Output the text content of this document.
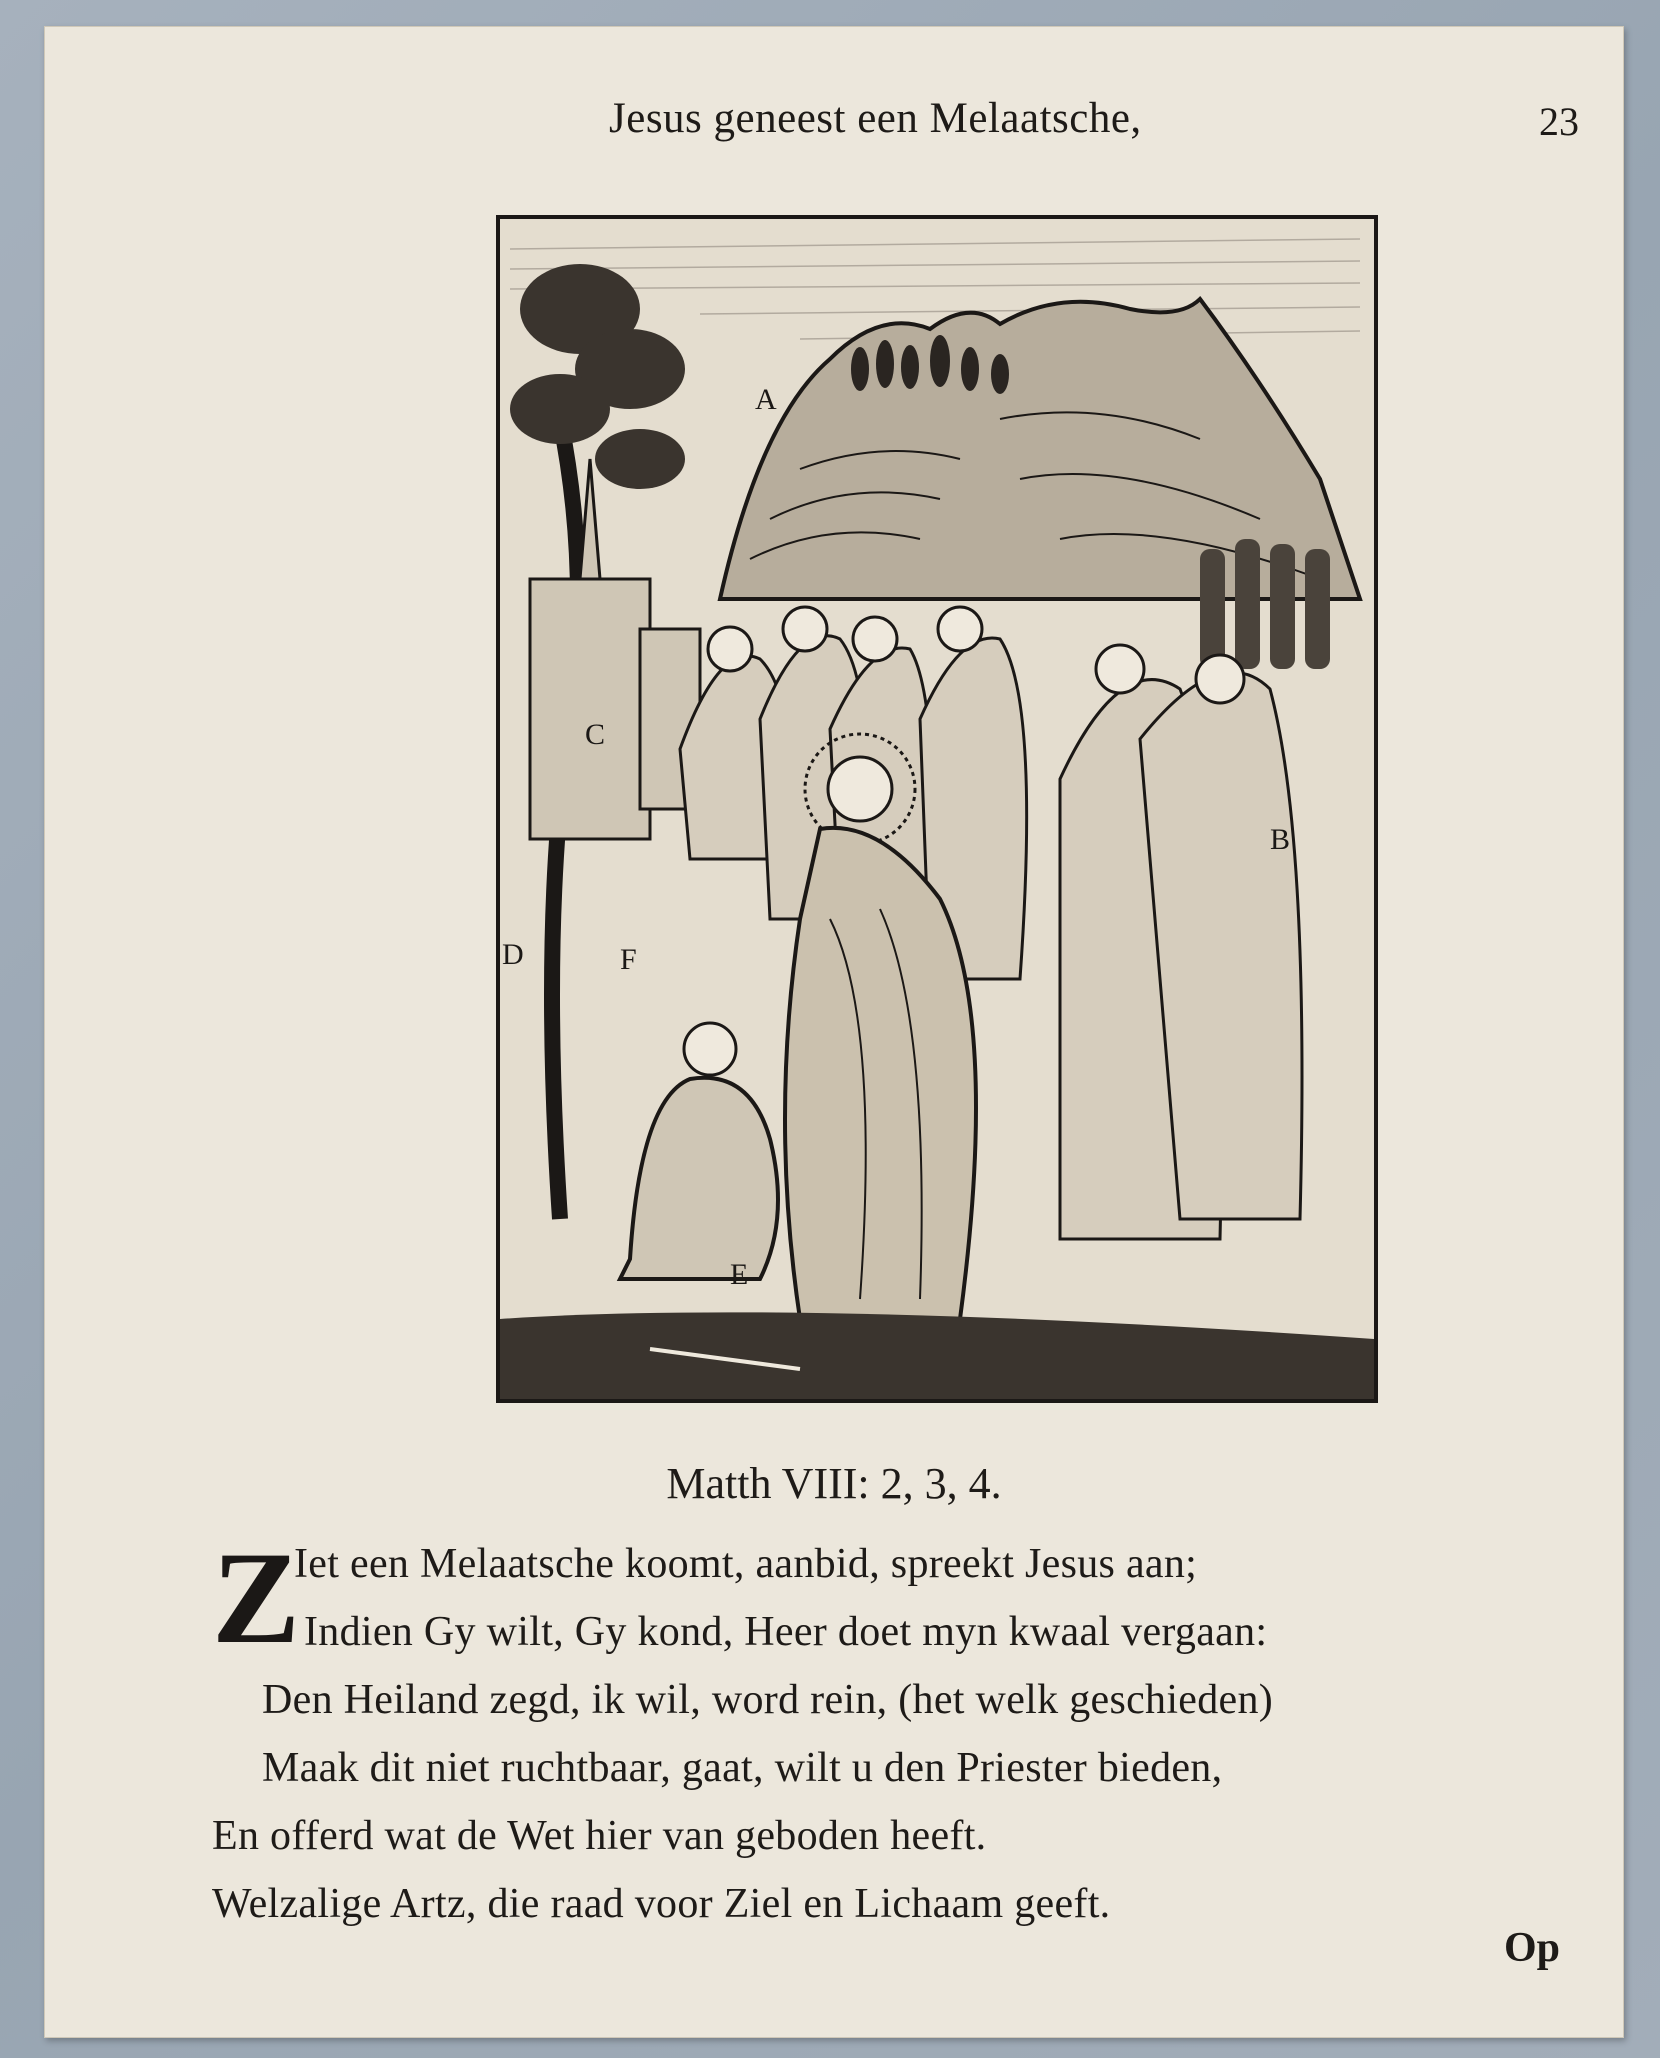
Jesus geneest een Melaatsche,	23
A
B
C
D
E
F
Matth VIII: 2, 3, 4.
Z
Iet een Melaatsche koomt, aanbid, spreekt Jesus aan;
Indien Gy wilt, Gy kond, Heer doet myn kwaal vergaan:
Den Heiland zegd, ik wil, word rein, (het welk geschieden)
Maak dit niet ruchtbaar, gaat, wilt u den Priester bieden,
En offerd wat de Wet hier van geboden heeft.
Welzalige Artz, die raad voor Ziel en Lichaam geeft.
Op
